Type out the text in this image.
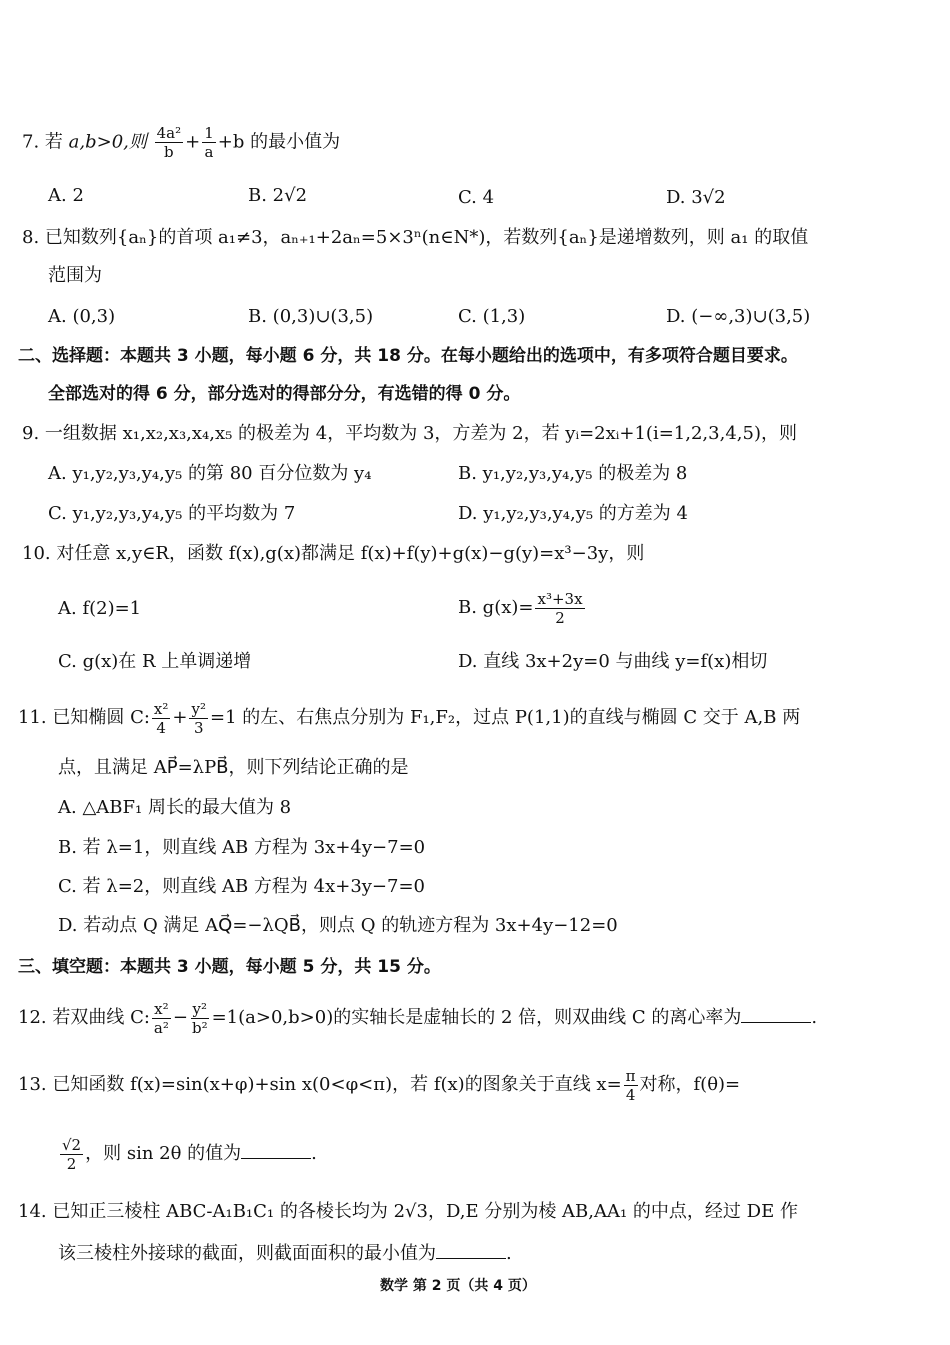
7. 若 a,b>0,则 $\frac{\text{4a²}}{b} + \frac{1}{a} +b$ 的最小值为
A. 2	B. 2√2	C. 4	D. 3√2
8. 已知数列{aₙ}的首项 a₁≠3，aₙ₊₁+2aₙ=5×3ⁿ(n∈N*)，若数列{aₙ}是递增数列，则 a₁ 的取值
范围为
A. (0,3)	B. (0,3)∪(3,5)	C. (1,3)	D. (−∞,3)∪(3,5)
二、选择题：本题共 3 小题，每小题 6 分，共 18 分。在每小题给出的选项中，有多项符合题目要求。
全部选对的得 6 分，部分选对的得部分分，有选错的得 0 分。
9. 一组数据 x₁,x₂,x₃,x₄,x₅ 的极差为 4，平均数为 3，方差为 2，若 yᵢ=2xᵢ+1(i=1,2,3,4,5)，则
A. y₁,y₂,y₃,y₄,y₅ 的第 80 百分位数为 y₄	B. y₁,y₂,y₃,y₄,y₅ 的极差为 8
C. y₁,y₂,y₃,y₄,y₅ 的平均数为 7	D. y₁,y₂,y₃,y₄,y₅ 的方差为 4
10. 对任意 x,y∈R，函数 f(x),g(x)都满足 f(x)+f(y)+g(x)−g(y)=x³−3y，则
A. f(2)=1	B. $g(x)= \frac{\text{x³+3x}}{2}$
C. g(x)在 R 上单调递增	D. 直线 3x+2y=0 与曲线 y=f(x)相切
11. 已知椭圆 C: $\frac{\text{x²}}{4} + \frac{\text{y²}}{3} =1$ 的左、右焦点分别为 F₁,F₂，过点 P(1,1)的直线与椭圆 C 交于 A,B 两
点，且满足 AP⃗=λPB⃗，则下列结论正确的是
A. △ABF₁ 周长的最大值为 8
B. 若 λ=1，则直线 AB 方程为 3x+4y−7=0
C. 若 λ=2，则直线 AB 方程为 4x+3y−7=0
D. 若动点 Q 满足 AQ⃗=−λQB⃗，则点 Q 的轨迹方程为 3x+4y−12=0
三、填空题：本题共 3 小题，每小题 5 分，共 15 分。
12. 若双曲线 C: $\frac{\text{x²}}{\text{a²}} - \frac{\text{y²}}{\text{b²}} =1(a>0,b>0)$的实轴长是虚轴长的 2 倍，则双曲线 C 的离心率为	.
13. 已知函数 f(x)=sin(x+φ)+sin x(0<φ<π)，若 f(x)的图象关于直线 $x= \frac{\pi}{4}$ 对称，f(θ)=
$\frac{√2}{2}$ ，则 sin 2θ 的值为	.
14. 已知正三棱柱 ABC-A₁B₁C₁ 的各棱长均为 2√3，D,E 分别为棱 AB,AA₁ 的中点，经过 DE 作
该三棱柱外接球的截面，则截面面积的最小值为	.
数学 第 2 页（共 4 页）
